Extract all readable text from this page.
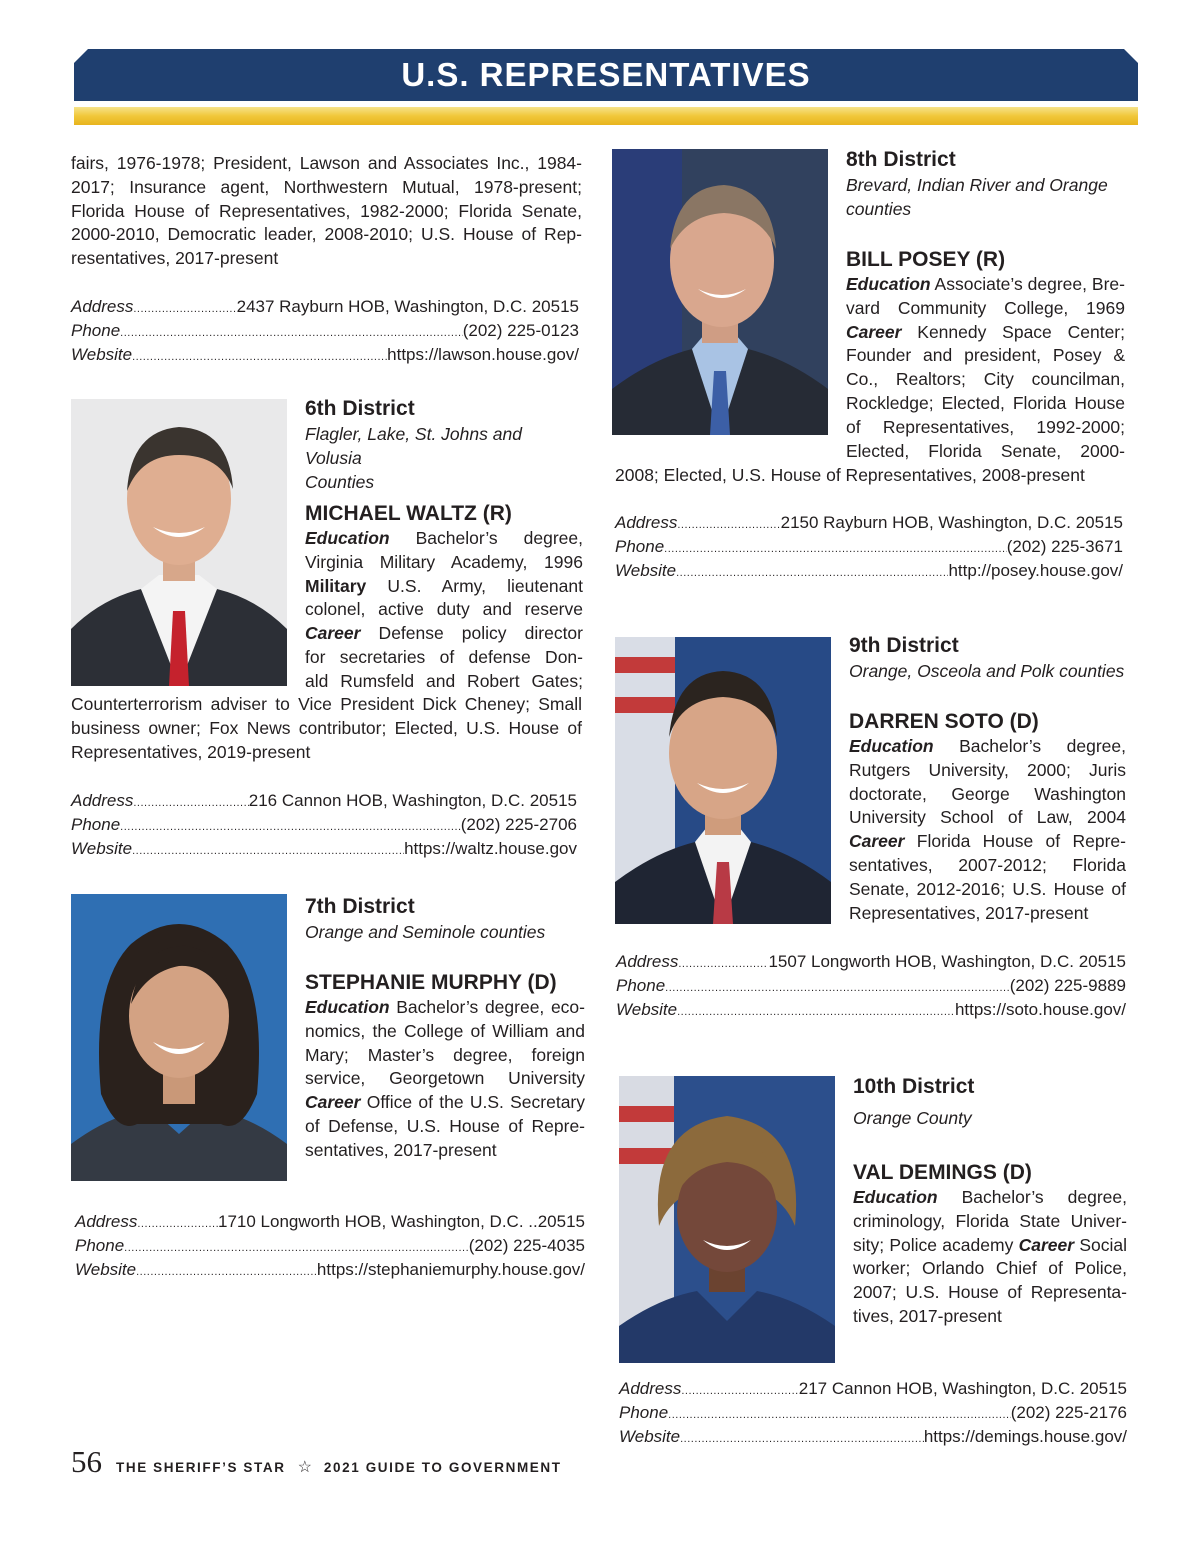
U.S. REPRESENTATIVES
fairs, 1976-1978; President, Lawson and Associates Inc., 1984-
2017; Insurance agent, Northwestern Mutual, 1978-present;
Florida House of Representatives, 1982-2000; Florida Senate,
2000-2010, Democratic leader, 2008-2010; U.S. House of Rep-
resentatives, 2017-present
Address .....	2437 Rayburn HOB, Washington, D.C. 20515
Phone .....	(202) 225-0123
Website .....	https://lawson.house.gov/
6th District
Flagler, Lake, St. Johns and Volusia
Counties
MICHAEL WALTZ (R)
Education Bachelor’s degree,
Virginia Military Academy, 1996
Military U.S. Army, lieutenant
colonel, active duty and reserve
Career Defense policy director
for secretaries of defense Don-
ald Rumsfeld and Robert Gates;
Counterterrorism adviser to Vice President Dick Cheney; Small
business owner; Fox News contributor; Elected, U.S. House of
Representatives, 2019-present
Address .....	216 Cannon HOB, Washington, D.C. 20515
Phone .....	(202) 225-2706
Website .....	https://waltz.house.gov
7th District
Orange and Seminole counties
STEPHANIE MURPHY (D)
Education Bachelor’s degree, eco-
nomics, the College of William and
Mary; Master’s degree, foreign
service, Georgetown University
Career Office of the U.S. Secretary
of Defense, U.S. House of Repre-
sentatives, 2017-present
Address .....	1710 Longworth HOB, Washington, D.C. ..20515
Phone .....	(202) 225-4035
Website .....	https://stephaniemurphy.house.gov/
8th District
Brevard, Indian River and Orange
counties
BILL POSEY (R)
Education Associate’s degree, Bre-
vard Community College, 1969
Career Kennedy Space Center;
Founder and president, Posey &
Co., Realtors; City councilman,
Rockledge; Elected, Florida House
of Representatives, 1992-2000;
Elected, Florida Senate, 2000-
2008; Elected, U.S. House of Representatives, 2008-present
Address .....	2150 Rayburn HOB, Washington, D.C. 20515
Phone .....	(202) 225-3671
Website .....	http://posey.house.gov/
9th District
Orange, Osceola and Polk counties
DARREN SOTO (D)
Education Bachelor’s degree,
Rutgers University, 2000; Juris
doctorate, George Washington
University School of Law, 2004
Career Florida House of Repre-
sentatives, 2007-2012; Florida
Senate, 2012-2016; U.S. House of
Representatives, 2017-present
Address .....	1507 Longworth HOB, Washington, D.C. 20515
Phone .....	(202) 225-9889
Website .....	https://soto.house.gov/
10th District
Orange County
VAL DEMINGS (D)
Education Bachelor’s degree,
criminology, Florida State Univer-
sity; Police academy Career Social
worker; Orlando Chief of Police,
2007; U.S. House of Representa-
tives, 2017-present
Address .....	217 Cannon HOB, Washington, D.C. 20515
Phone .....	(202) 225-2176
Website .....	https://demings.house.gov/
56 THE SHERIFF’S STAR ☆ 2021 GUIDE TO GOVERNMENT
